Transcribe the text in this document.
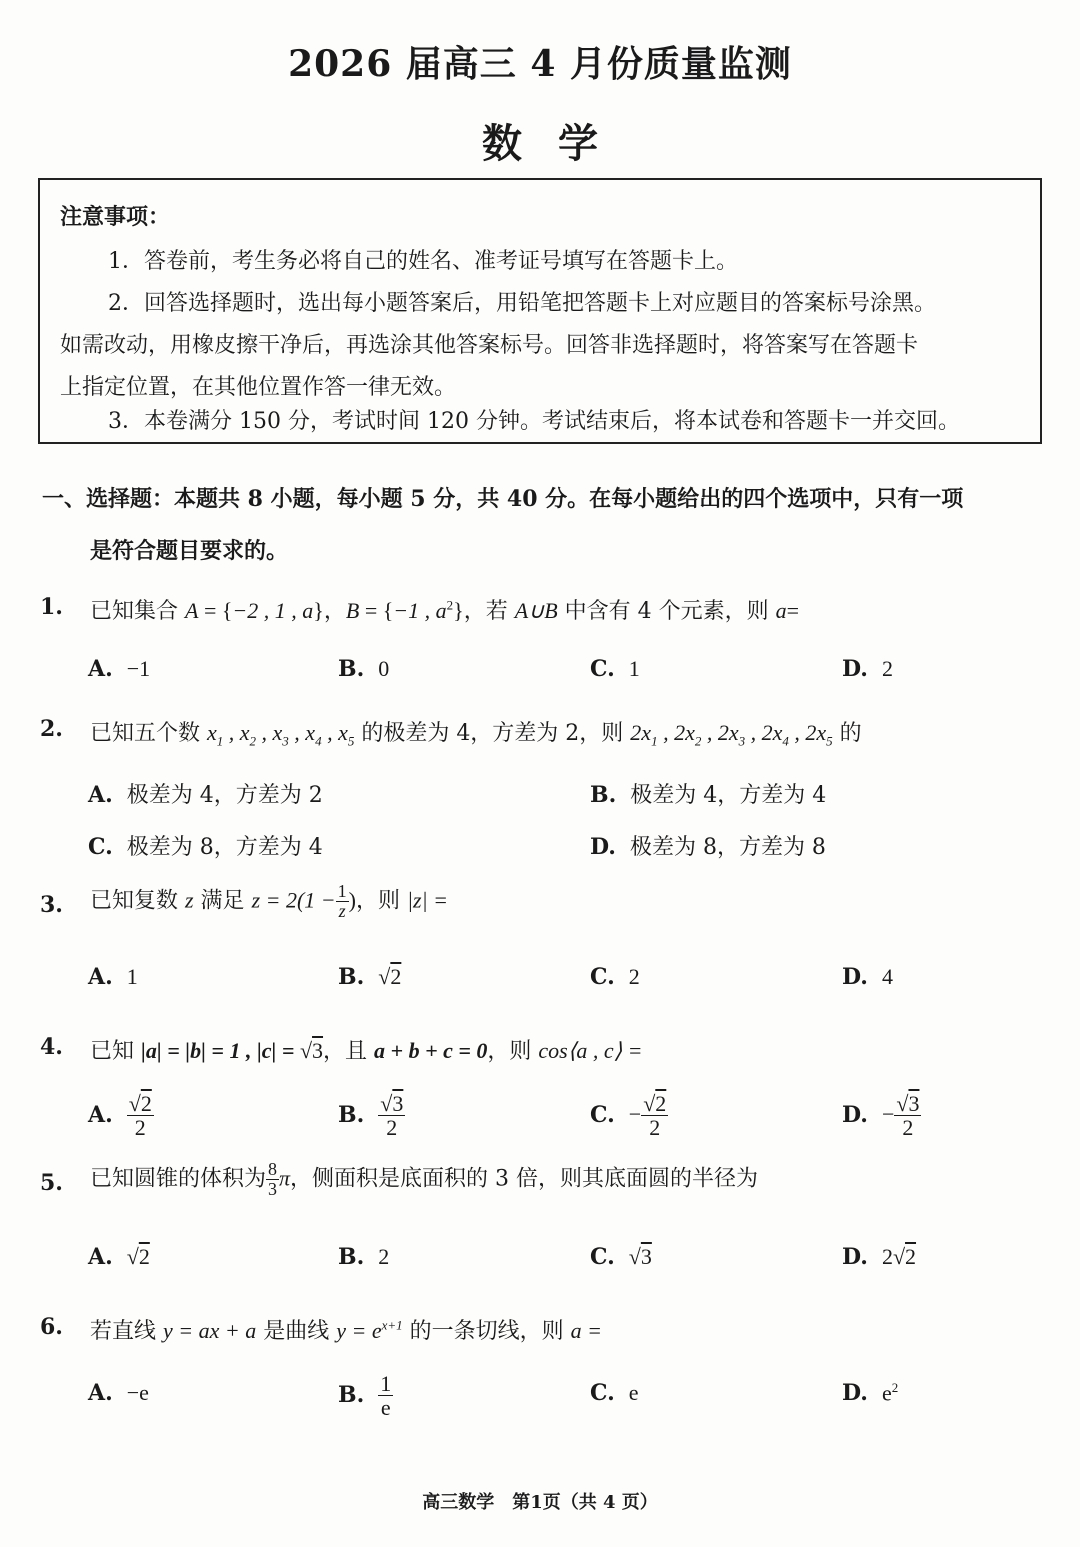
2026 届高三 4 月份质量监测
数学
注意事项：
1．答卷前，考生务必将自己的姓名、准考证号填写在答题卡上。
2．回答选择题时，选出每小题答案后，用铅笔把答题卡上对应题目的答案标号涂黑。
如需改动，用橡皮擦干净后，再选涂其他答案标号。回答非选择题时，将答案写在答题卡
上指定位置，在其他位置作答一律无效。
3．本卷满分 150 分，考试时间 120 分钟。考试结束后，将本试卷和答题卡一并交回。
一、选择题：本题共 8 小题，每小题 5 分，共 40 分。在每小题给出的四个选项中，只有一项
是符合题目要求的。
1. 已知集合 A = {−2 , 1 , a}，B = {−1 , $a^2$}，若 A∪B 中含有 4 个元素，则 a=
A. −1	B. 0	C. 1	D. 2
2. 已知五个数 $x_1$ , $x_2$ , $x_3$ , $x_4$ , $x_5$ 的极差为 4，方差为 2，则 $2x_1$ , $2x_2$ , $2x_3$ , $2x_4$ , $2x_5$ 的
A. 极差为 4，方差为 2	B. 极差为 4，方差为 4
C. 极差为 8，方差为 4	D. 极差为 8，方差为 8
3. 已知复数 z 满足 $z = 2(1 - \frac{1}{z}$ )，则 |z| =
A. 1	B. √2	C. 2	D. 4
4. 已知 |a| = |b| = 1 , |c| = √3，且 a + b + c = 0，则 cos⟨a , c⟩ =
A. $\frac{√2}{2}$	B. $\frac{√3}{2}$	C. − $\frac{√2}{2}$	D. − $\frac{√3}{2}$
5. 已知圆锥的体积为 $\frac{8}{3}$ π，侧面积是底面积的 3 倍，则其底面圆的半径为
A. √2	B. 2	C. √3	D. 2√2
6. 若直线 y = ax + a 是曲线 $y = e^{x+1}$ 的一条切线，则 a =
A. −e	B. $\frac{1}{e}$	C. e	D. $e^2$
高三数学　第1页（共 4 页）
